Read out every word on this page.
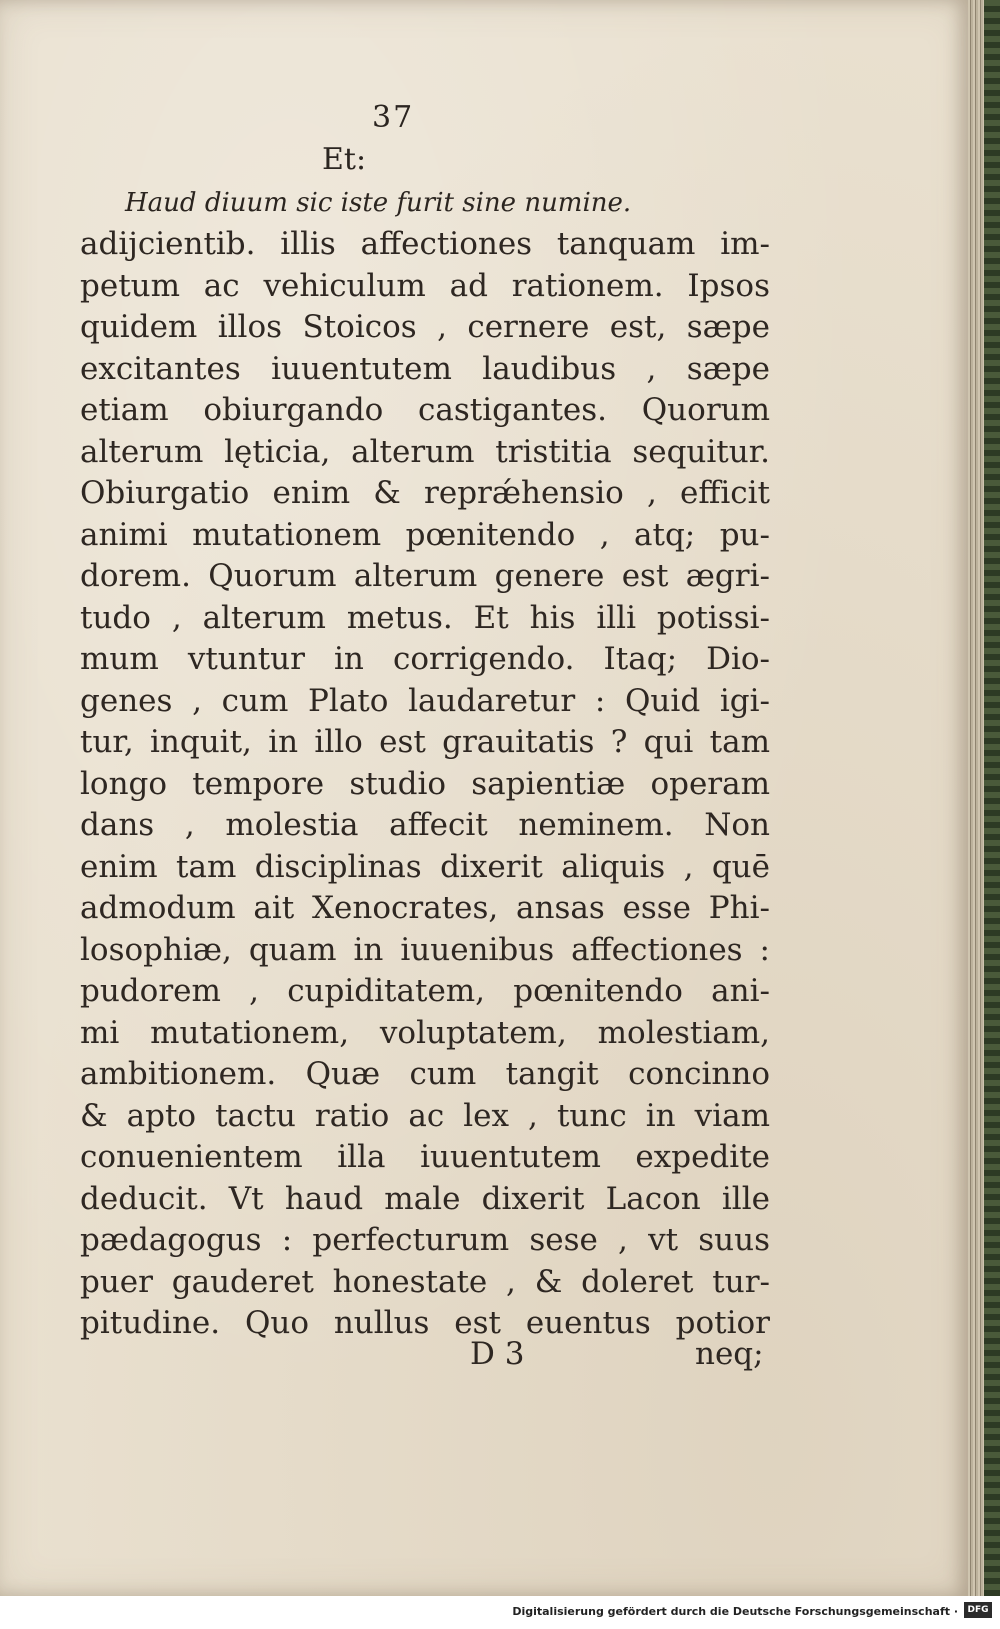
37
Et:
Haud diuum sic iste furit sine numine.
adijcientib. illis affectiones tanquam im-
petum ac vehiculum ad rationem. Ipsos
quidem illos Stoicos , cernere est, sæpe
excitantes iuuentutem laudibus , sæpe
etiam obiurgando castigantes. Quorum
alterum lęticia, alterum tristitia sequitur.
Obiurgatio enim & reprǽhensio , efficit
animi mutationem pœnitendo , atq; pu-
dorem. Quorum alterum genere est ægri-
tudo , alterum metus. Et his illi potissi-
mum vtuntur in corrigendo. Itaq; Dio-
genes , cum Plato laudaretur : Quid igi-
tur, inquit, in illo est grauitatis ? qui tam
longo tempore studio sapientiæ operam
dans , molestia affecit neminem. Non
enim tam disciplinas dixerit aliquis , quē
admodum ait Xenocrates, ansas esse Phi-
losophiæ, quam in iuuenibus affectiones :
pudorem , cupiditatem, pœnitendo ani-
mi mutationem, voluptatem, molestiam,
ambitionem. Quæ cum tangit concinno
& apto tactu ratio ac lex , tunc in viam
conuenientem illa iuuentutem expedite
deducit. Vt haud male dixerit Lacon ille
pædagogus : perfecturum sese , vt suus
puer gauderet honestate , & doleret tur-
pitudine. Quo nullus est euentus potior
D 3	neq;
Digitalisierung gefördert durch die Deutsche Forschungsgemeinschaft ·	DFG
